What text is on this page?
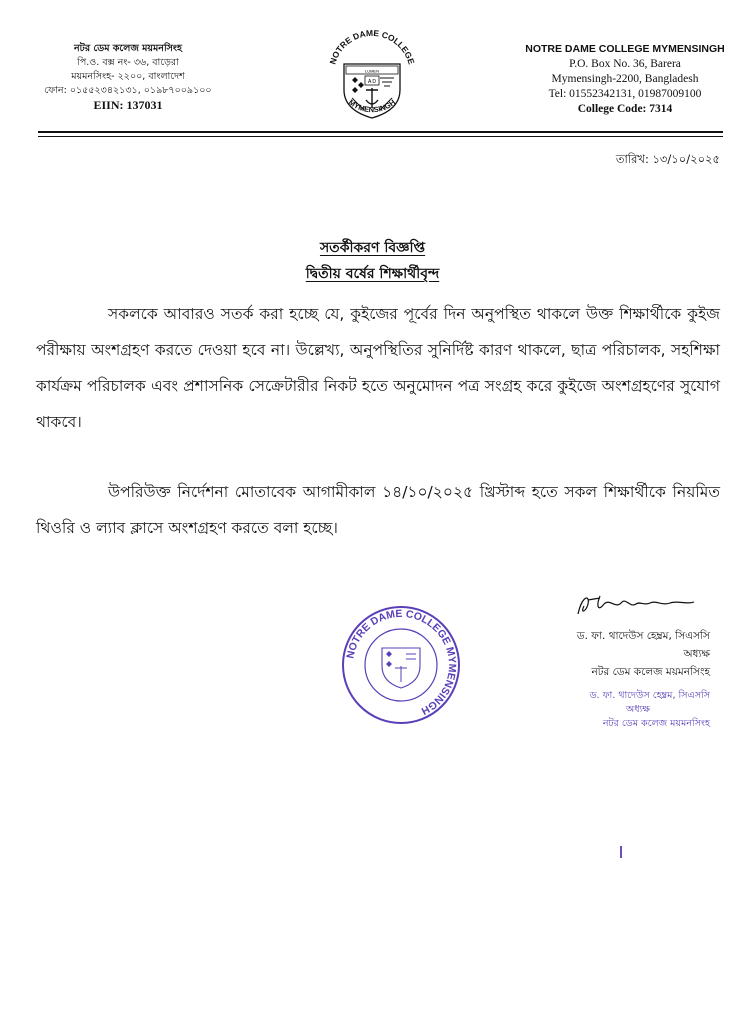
নটর ডেম কলেজ ময়মনসিংহ
পি.ও. বক্স নং- ৩৬, বাড়েরা
ময়মনসিংহ- ২২০০, বাংলাদেশ
ফোন: ০১৫৫২৩৪২১৩১, ০১৯৮৭০০৯১০০
EIIN: 137031
NOTRE DAME COLLEGE
LUMEN
A D
MYMENSINGH
NOTRE DAME COLLEGE MYMENSINGH
P.O. Box No. 36, Barera
Mymensingh-2200, Bangladesh
Tel: 01552342131, 01987009100
College Code: 7314
তারিখ: ১৩/১০/২০২৫
সতর্কীকরণ বিজ্ঞপ্তি
দ্বিতীয় বর্ষের শিক্ষার্থীবৃন্দ
সকলকে আবারও সতর্ক করা হচ্ছে যে, কুইজের পূর্বের দিন অনুপস্থিত থাকলে উক্ত শিক্ষার্থীকে কুইজ পরীক্ষায় অংশগ্রহণ করতে দেওয়া হবে না। উল্লেখ্য, অনুপস্থিতির সুনির্দিষ্ট কারণ থাকলে, ছাত্র পরিচালক, সহশিক্ষা কার্যক্রম পরিচালক এবং প্রশাসনিক সেক্রেটারীর নিকট হতে অনুমোদন পত্র সংগ্রহ করে কুইজে অংশগ্রহণের সুযোগ থাকবে।
উপরিউক্ত নির্দেশনা মোতাবেক আগামীকাল ১৪/১০/২০২৫ খ্রিস্টাব্দ হতে সকল শিক্ষার্থীকে নিয়মিত থিওরি ও ল্যাব ক্লাসে অংশগ্রহণ করতে বলা হচ্ছে।
NOTRE DAME COLLEGE MYMENSINGH
ড. ফা. থাদেউস হেম্ব্রম, সিএসসি
অধ্যক্ষ
নটর ডেম কলেজ ময়মনসিংহ
ড. ফা. থাদেউস হেম্ব্রম, সিএসসি
অধ্যক্ষ
নটর ডেম কলেজ ময়মনসিংহ
